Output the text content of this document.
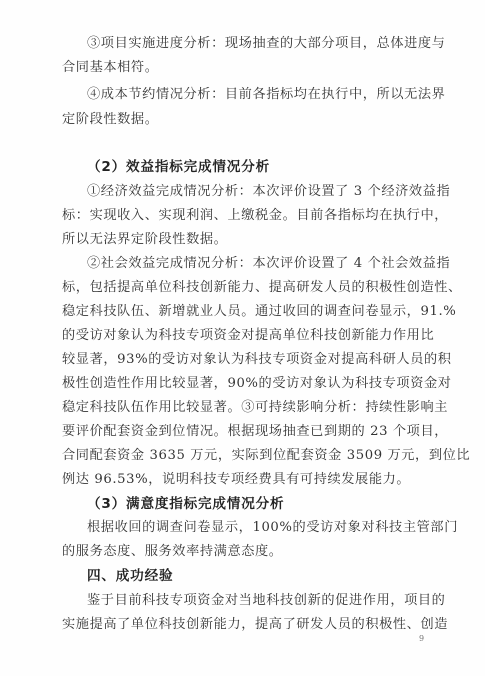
③项目实施进度分析：现场抽查的大部分项目，总体进度与
合同基本相符。
④成本节约情况分析：目前各指标均在执行中，所以无法界
定阶段性数据。
（2）效益指标完成情况分析
①经济效益完成情况分析：本次评价设置了 3 个经济效益指
标：实现收入、实现利润、上缴税金。目前各指标均在执行中，
所以无法界定阶段性数据。
②社会效益完成情况分析：本次评价设置了 4 个社会效益指
标，包括提高单位科技创新能力、提高研发人员的积极性创造性、
稳定科技队伍、新增就业人员。通过收回的调查问卷显示，91.%
的受访对象认为科技专项资金对提高单位科技创新能力作用比
较显著，93%的受访对象认为科技专项资金对提高科研人员的积
极性创造性作用比较显著，90%的受访对象认为科技专项资金对
稳定科技队伍作用比较显著。③可持续影响分析：持续性影响主
要评价配套资金到位情况。根据现场抽查已到期的 23 个项目，
合同配套资金 3635 万元，实际到位配套资金 3509 万元，到位比
例达 96.53%，说明科技专项经费具有可持续发展能力。
（3）满意度指标完成情况分析
根据收回的调查问卷显示，100%的受访对象对科技主管部门
的服务态度、服务效率持满意态度。
四、成功经验
鉴于目前科技专项资金对当地科技创新的促进作用，项目的
实施提高了单位科技创新能力，提高了研发人员的积极性、创造
9
